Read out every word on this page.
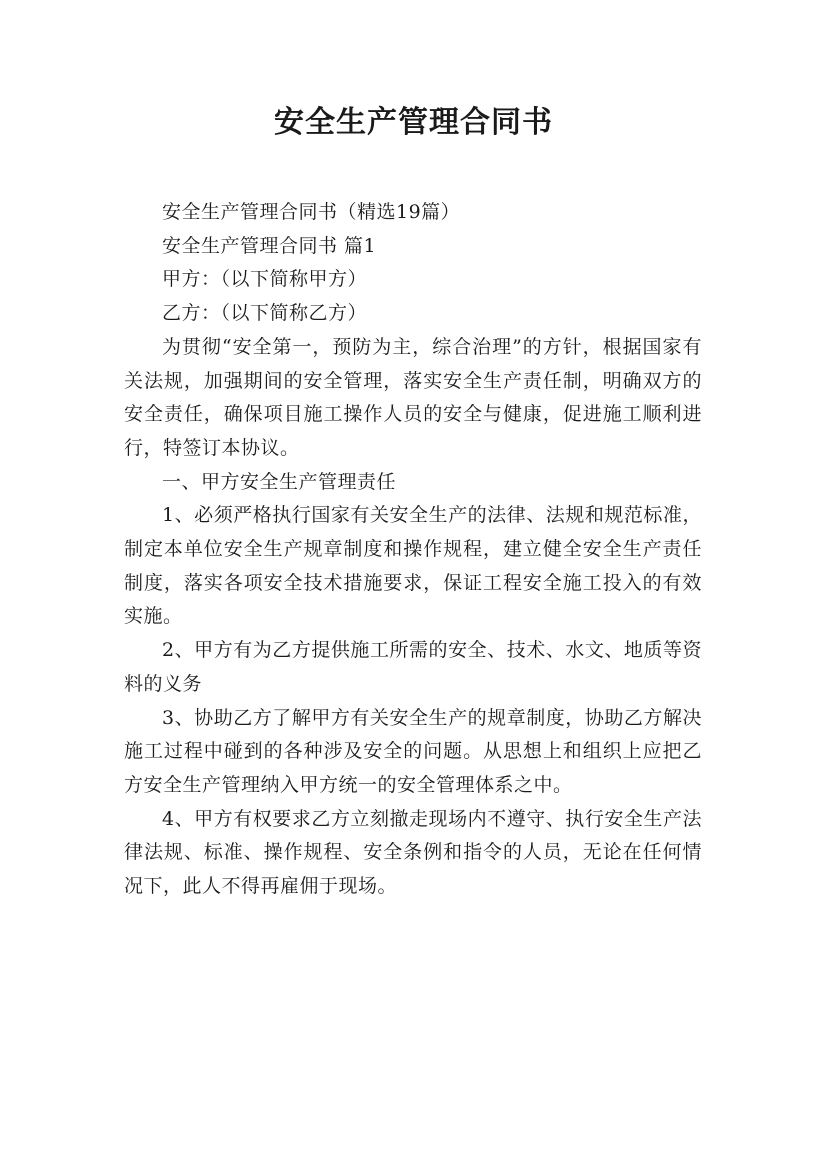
安全生产管理合同书

安全生产管理合同书（精选19篇）

安全生产管理合同书 篇1

甲方：（以下简称甲方）

乙方：（以下简称乙方）

为贯彻“安全第一，预防为主，综合治理”的方针，根据国家有关法规，加强期间的安全管理，落实安全生产责任制，明确双方的安全责任，确保项目施工操作人员的安全与健康，促进施工顺利进行，特签订本协议。

一、甲方安全生产管理责任

1、必须严格执行国家有关安全生产的法律、法规和规范标准，制定本单位安全生产规章制度和操作规程，建立健全安全生产责任制度，落实各项安全技术措施要求，保证工程安全施工投入的有效实施。

2、甲方有为乙方提供施工所需的安全、技术、水文、地质等资料的义务

3、协助乙方了解甲方有关安全生产的规章制度，协助乙方解决施工过程中碰到的各种涉及安全的问题。从思想上和组织上应把乙方安全生产管理纳入甲方统一的安全管理体系之中。

4、甲方有权要求乙方立刻撤走现场内不遵守、执行安全生产法律法规、标准、操作规程、安全条例和指令的人员，无论在任何情况下，此人不得再雇佣于现场。
